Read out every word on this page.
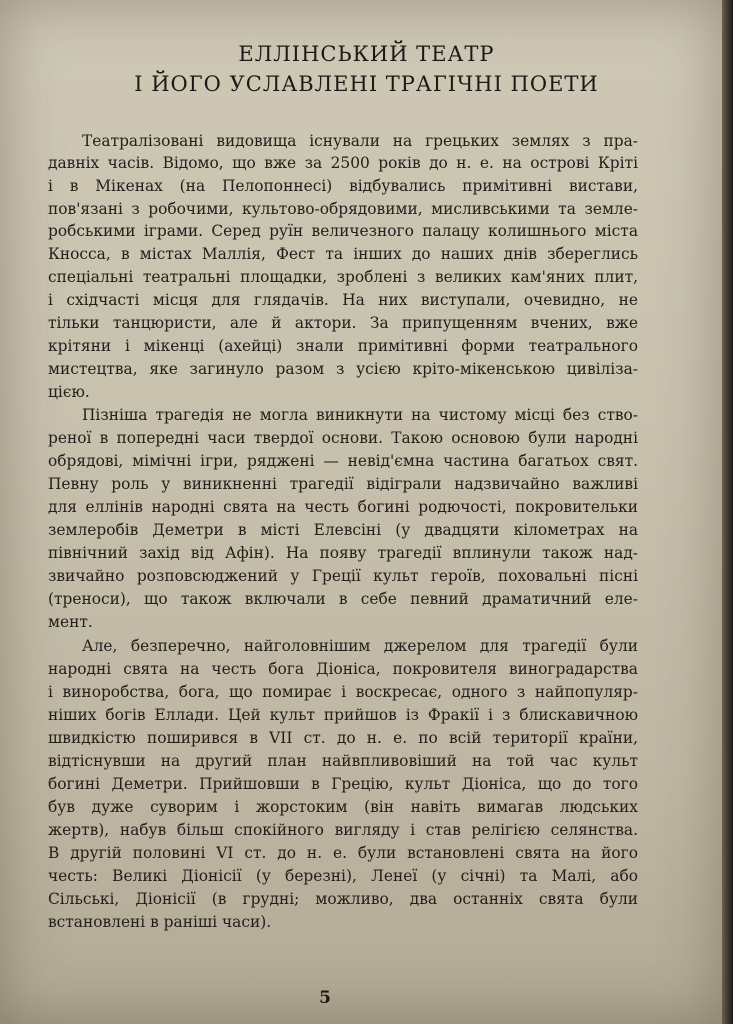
ЕЛЛІНСЬКИЙ ТЕАТР
І ЙОГО УСЛАВЛЕНІ ТРАГІЧНІ ПОЕТИ
Театралізовані видовища існували на грецьких землях з пра-
давніх часів. Відомо, що вже за 2500 років до н. е. на острові Кріті
і в Мікенах (на Пелопоннесі) відбувались примітивні вистави,
пов'язані з робочими, культово-обрядовими, мисливськими та земле-
робськими іграми. Серед руїн величезного палацу колишнього міста
Кносса, в містах Маллія, Фест та інших до наших днів збереглись
спеціальні театральні площадки, зроблені з великих кам'яних плит,
і східчасті місця для глядачів. На них виступали, очевидно, не
тільки танцюристи, але й актори. За припущенням вчених, вже
крітяни і мікенці (ахейці) знали примітивні форми театрального
мистецтва, яке загинуло разом з усією кріто-мікенською цивіліза-
цією.
Пізніша трагедія не могла виникнути на чистому місці без ство-
реної в попередні часи твердої основи. Такою основою були народні
обрядові, мімічні ігри, ряджені — невід'ємна частина багатьох свят.
Певну роль у виникненні трагедії відіграли надзвичайно важливі
для еллінів народні свята на честь богині родючості, покровительки
землеробів Деметри в місті Елевсіні (у двадцяти кілометрах на
північний захід від Афін). На появу трагедії вплинули також над-
звичайно розповсюджений у Греції культ героїв, поховальні пісні
(треноси), що також включали в себе певний драматичний еле-
мент.
Але, безперечно, найголовнішим джерелом для трагедії були
народні свята на честь бога Діоніса, покровителя виноградарства
і виноробства, бога, що помирає і воскресає, одного з найпопуляр-
ніших богів Еллади. Цей культ прийшов із Фракії і з блискавичною
швидкістю поширився в VII ст. до н. е. по всій території країни,
відтіснувши на другий план найвпливовіший на той час культ
богині Деметри. Прийшовши в Грецію, культ Діоніса, що до того
був дуже суворим і жорстоким (він навіть вимагав людських
жертв), набув більш спокійного вигляду і став релігією селянства.
В другій половині VI ст. до н. е. були встановлені свята на його
честь: Великі Діонісії (у березні), Ленеї (у січні) та Малі, або
Сільські, Діонісії (в грудні; можливо, два останніх свята були
встановлені в раніші часи).
5
